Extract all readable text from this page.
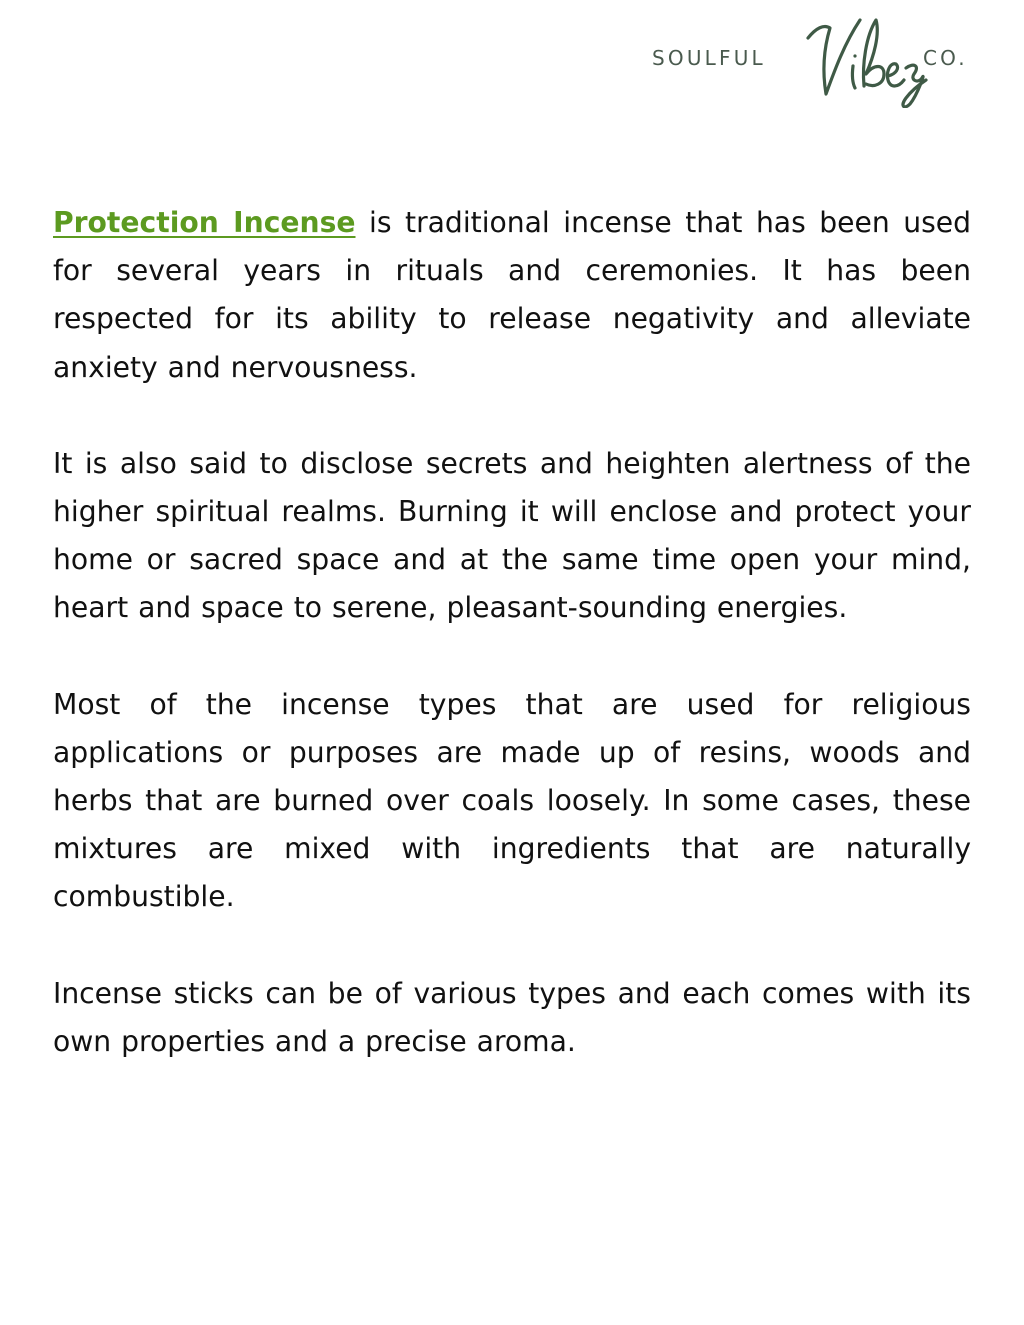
SOULFUL	CO.

Protection Incense is traditional incense that has been used for several years in rituals and ceremonies. It has been respected for its ability to release negativity and alleviate anxiety and nervousness.

It is also said to disclose secrets and heighten alertness of the higher spiritual realms. Burning it will enclose and protect your home or sacred space and at the same time open your mind, heart and space to serene, pleasant-sounding energies.

Most of the incense types that are used for religious applications or purposes are made up of resins, woods and herbs that are burned over coals loosely. In some cases, these mixtures are mixed with ingredients that are naturally combustible.

Incense sticks can be of various types and each comes with its own properties and a precise aroma.
